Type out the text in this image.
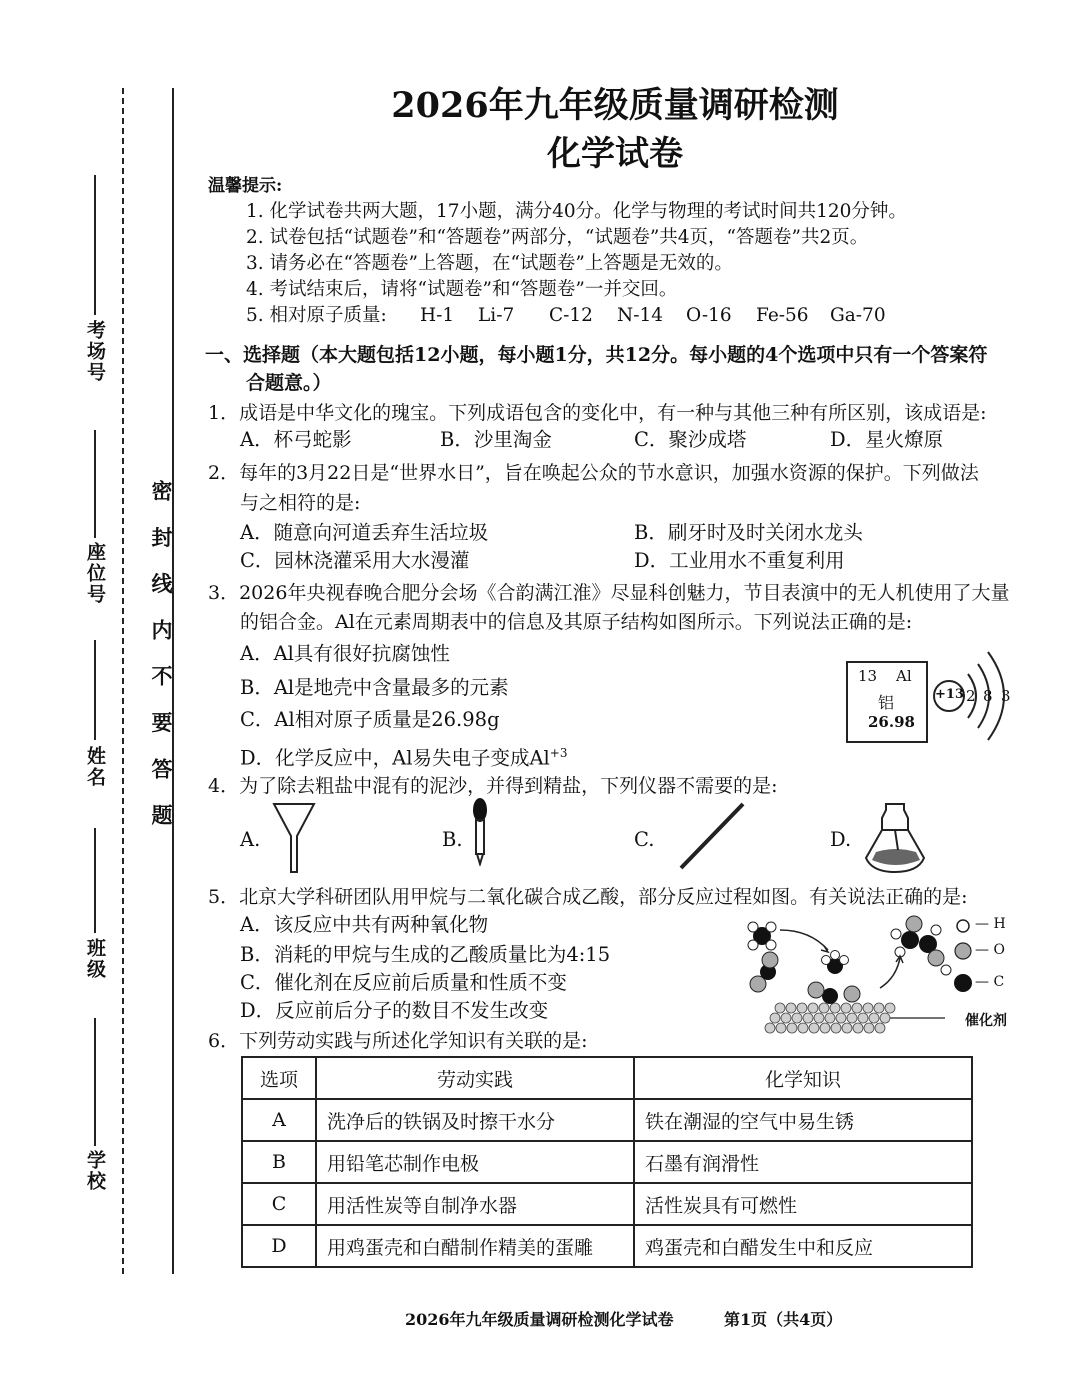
考场号
座位号
姓名
班级
学校
密 封 线 内 不 要 答 题
2026年九年级质量调研检测
化学试卷
温馨提示:
1. 化学试卷共两大题，17小题，满分40分。化学与物理的考试时间共120分钟。
2. 试卷包括“试题卷”和“答题卷”两部分，“试题卷”共4页，“答题卷”共2页。
3. 请务必在“答题卷”上答题，在“试题卷”上答题是无效的。
4. 考试结束后，请将“试题卷”和“答题卷”一并交回。
5. 相对原子质量: H-1 Li-7 C-12 N-14 O-16 Fe-56 Ga-70
一、选择题（本大题包括12小题，每小题1分，共12分。每小题的4个选项中只有一个答案符
合题意。）
1．成语是中华文化的瑰宝。下列成语包含的变化中，有一种与其他三种有所区别，该成语是:
A．杯弓蛇影	B．沙里淘金	C．聚沙成塔	D．星火燎原
2．每年的3月22日是“世界水日”，旨在唤起公众的节水意识，加强水资源的保护。下列做法
与之相符的是:
A．随意向河道丢弃生活垃圾	B．刷牙时及时关闭水龙头
C．园林浇灌采用大水漫灌	D．工业用水不重复利用
3．2026年央视春晚合肥分会场《合韵满江淮》尽显科创魅力，节目表演中的无人机使用了大量
的铝合金。Al在元素周期表中的信息及其原子结构如图所示。下列说法正确的是:
A．Al具有很好抗腐蚀性
B．Al是地壳中含量最多的元素
C．Al相对原子质量是26.98g
D．化学反应中，Al易失电子变成$Al^{+3}$
13 Al
铝
26.98
+13 2 8 3
4．为了除去粗盐中混有的泥沙，并得到精盐，下列仪器不需要的是:
A.	B.	C.	D.
5．北京大学科研团队用甲烷与二氧化碳合成乙酸，部分反应过程如图。有关说法正确的是:
A．该反应中共有两种氧化物
B．消耗的甲烷与生成的乙酸质量比为4:15
C．催化剂在反应前后质量和性质不变
D．反应前后分子的数目不发生改变
— H
— O
— C
催化剂
6．下列劳动实践与所述化学知识有关联的是:
选项	劳动实践	化学知识
A	洗净后的铁锅及时擦干水分	铁在潮湿的空气中易生锈
B	用铅笔芯制作电极	石墨有润滑性
C	用活性炭等自制净水器	活性炭具有可燃性
D	用鸡蛋壳和白醋制作精美的蛋雕	鸡蛋壳和白醋发生中和反应
2026年九年级质量调研检测化学试卷	第1页（共4页）
